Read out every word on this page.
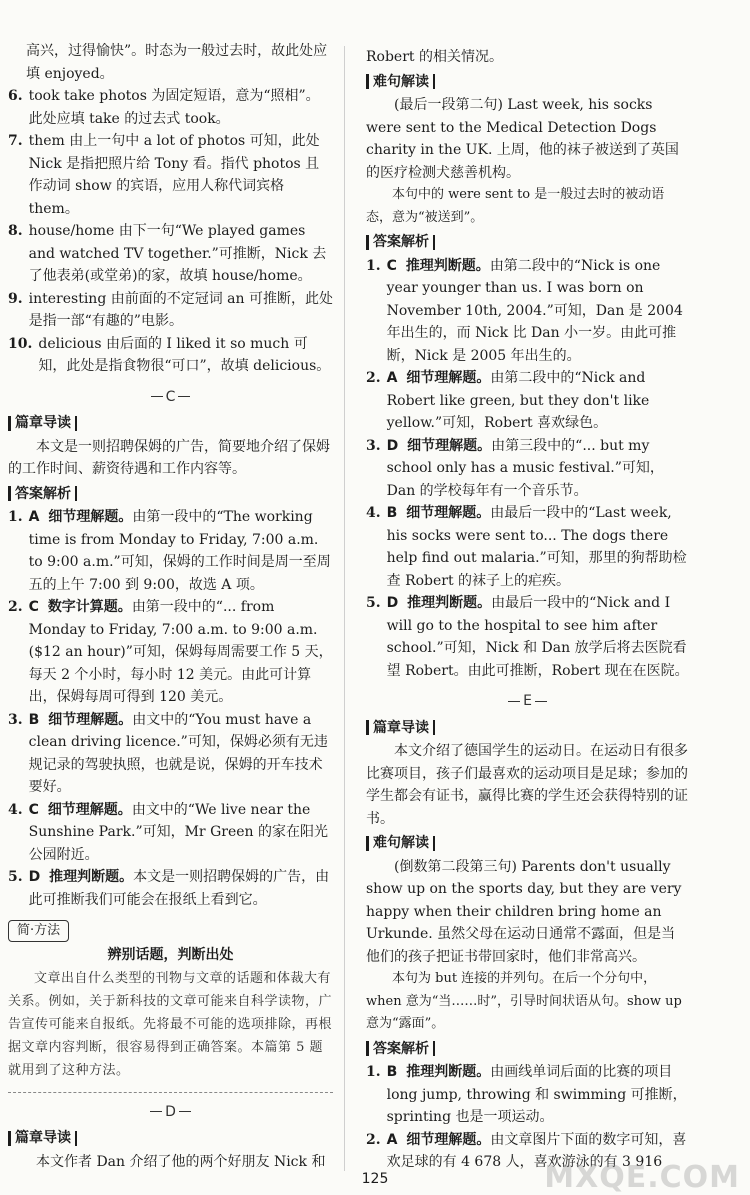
高兴，过得愉快”。时态为一般过去时，故此处应

填 enjoyed。

6. took take photos 为固定短语，意为“照相”。此处应填 take 的过去式 took。
7. them 由上一句中 a lot of photos 可知，此处 Nick 是指把照片给 Tony 看。指代 photos 且作动词 show 的宾语，应用人称代词宾格 them。
8. house/home 由下一句“We played games and watched TV together.”可推断，Nick 去了他表弟(或堂弟)的家，故填 house/home。
9. interesting 由前面的不定冠词 an 可推断，此处是指一部“有趣的”电影。
10. delicious 由后面的 I liked it so much 可知，此处是指食物很“可口”，故填 delicious。
C
篇章导读

本文是一则招聘保姆的广告，简要地介绍了保姆的工作时间、薪资待遇和工作内容等。

答案解析
1. A 细节理解题。由第一段中的“The working time is from Monday to Friday, 7:00 a.m. to 9:00 a.m.”可知，保姆的工作时间是周一至周五的上午 7:00 到 9:00，故选 A 项。
2. C 数字计算题。由第一段中的“... from Monday to Friday, 7:00 a.m. to 9:00 a.m. ($12 an hour)”可知，保姆每周需要工作 5 天，每天 2 个小时，每小时 12 美元。由此可计算出，保姆每周可得到 120 美元。
3. B 细节理解题。由文中的“You must have a clean driving licence.”可知，保姆必须有无违规记录的驾驶执照，也就是说，保姆的开车技术要好。
4. C 细节理解题。由文中的“We live near the Sunshine Park.”可知，Mr Green 的家在阳光公园附近。
5. D 推理判断题。本文是一则招聘保姆的广告，由此可推断我们可能会在报纸上看到它。
简·方法
辨别话题，判断出处

文章出自什么类型的刊物与文章的话题和体裁大有关系。例如，关于新科技的文章可能来自科学读物，广告宣传可能来自报纸。先将最不可能的选项排除，再根据文章内容判断，很容易得到正确答案。本篇第 5 题就用到了这种方法。

D
篇章导读

本文作者 Dan 介绍了他的两个好朋友 Nick 和

Robert 的相关情况。

难句解读

(最后一段第二句) Last week, his socks were sent to the Medical Detection Dogs charity in the UK. 上周，他的袜子被送到了英国的医疗检测犬慈善机构。

本句中的 were sent to 是一般过去时的被动语态，意为“被送到”。

答案解析
1. C 推理判断题。由第二段中的“Nick is one year younger than us. I was born on November 10th, 2004.”可知，Dan 是 2004 年出生的，而 Nick 比 Dan 小一岁。由此可推断，Nick 是 2005 年出生的。
2. A 细节理解题。由第二段中的“Nick and Robert like green, but they don't like yellow.”可知，Robert 喜欢绿色。
3. D 细节理解题。由第三段中的“... but my school only has a music festival.”可知，Dan 的学校每年有一个音乐节。
4. B 细节理解题。由最后一段中的“Last week, his socks were sent to... The dogs there help find out malaria.”可知，那里的狗帮助检查 Robert 的袜子上的疟疾。
5. D 推理判断题。由最后一段中的“Nick and I will go to the hospital to see him after school.”可知，Nick 和 Dan 放学后将去医院看望 Robert。由此可推断，Robert 现在在医院。
E
篇章导读

本文介绍了德国学生的运动日。在运动日有很多比赛项目，孩子们最喜欢的运动项目是足球；参加的学生都会有证书，赢得比赛的学生还会获得特别的证书。

难句解读

(倒数第二段第三句) Parents don't usually show up on the sports day, but they are very happy when their children bring home an Urkunde. 虽然父母在运动日通常不露面，但是当他们的孩子把证书带回家时，他们非常高兴。

本句为 but 连接的并列句。在后一个分句中，when 意为“当……时”，引导时间状语从句。show up 意为“露面”。

答案解析
1. B 推理判断题。由画线单词后面的比赛的项目 long jump, throwing 和 swimming 可推断，sprinting 也是一项运动。
2. A 细节理解题。由文章图片下面的数字可知，喜欢足球的有 4 678 人，喜欢游泳的有 3 916
125	MXQE.COM
